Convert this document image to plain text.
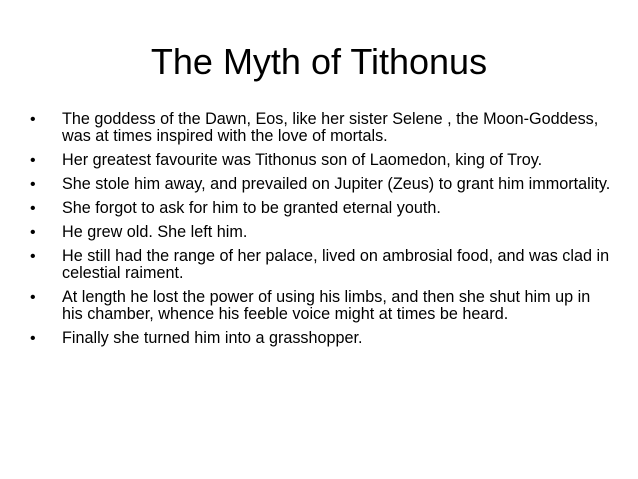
The Myth of Tithonus
• The goddess of the Dawn, Eos, like her sister Selene , the Moon-Goddess, was at times inspired with the love of mortals.
• Her greatest favourite was Tithonus son of Laomedon, king of Troy.
• She stole him away, and prevailed on Jupiter (Zeus) to grant him immortality.
• She forgot to ask for him to be granted eternal youth.
• He grew old. She left him.
• He still had the range of her palace, lived on ambrosial food, and was clad in celestial raiment.
• At length he lost the power of using his limbs, and then she shut him up in his chamber, whence his feeble voice might at times be heard.
• Finally she turned him into a grasshopper.
